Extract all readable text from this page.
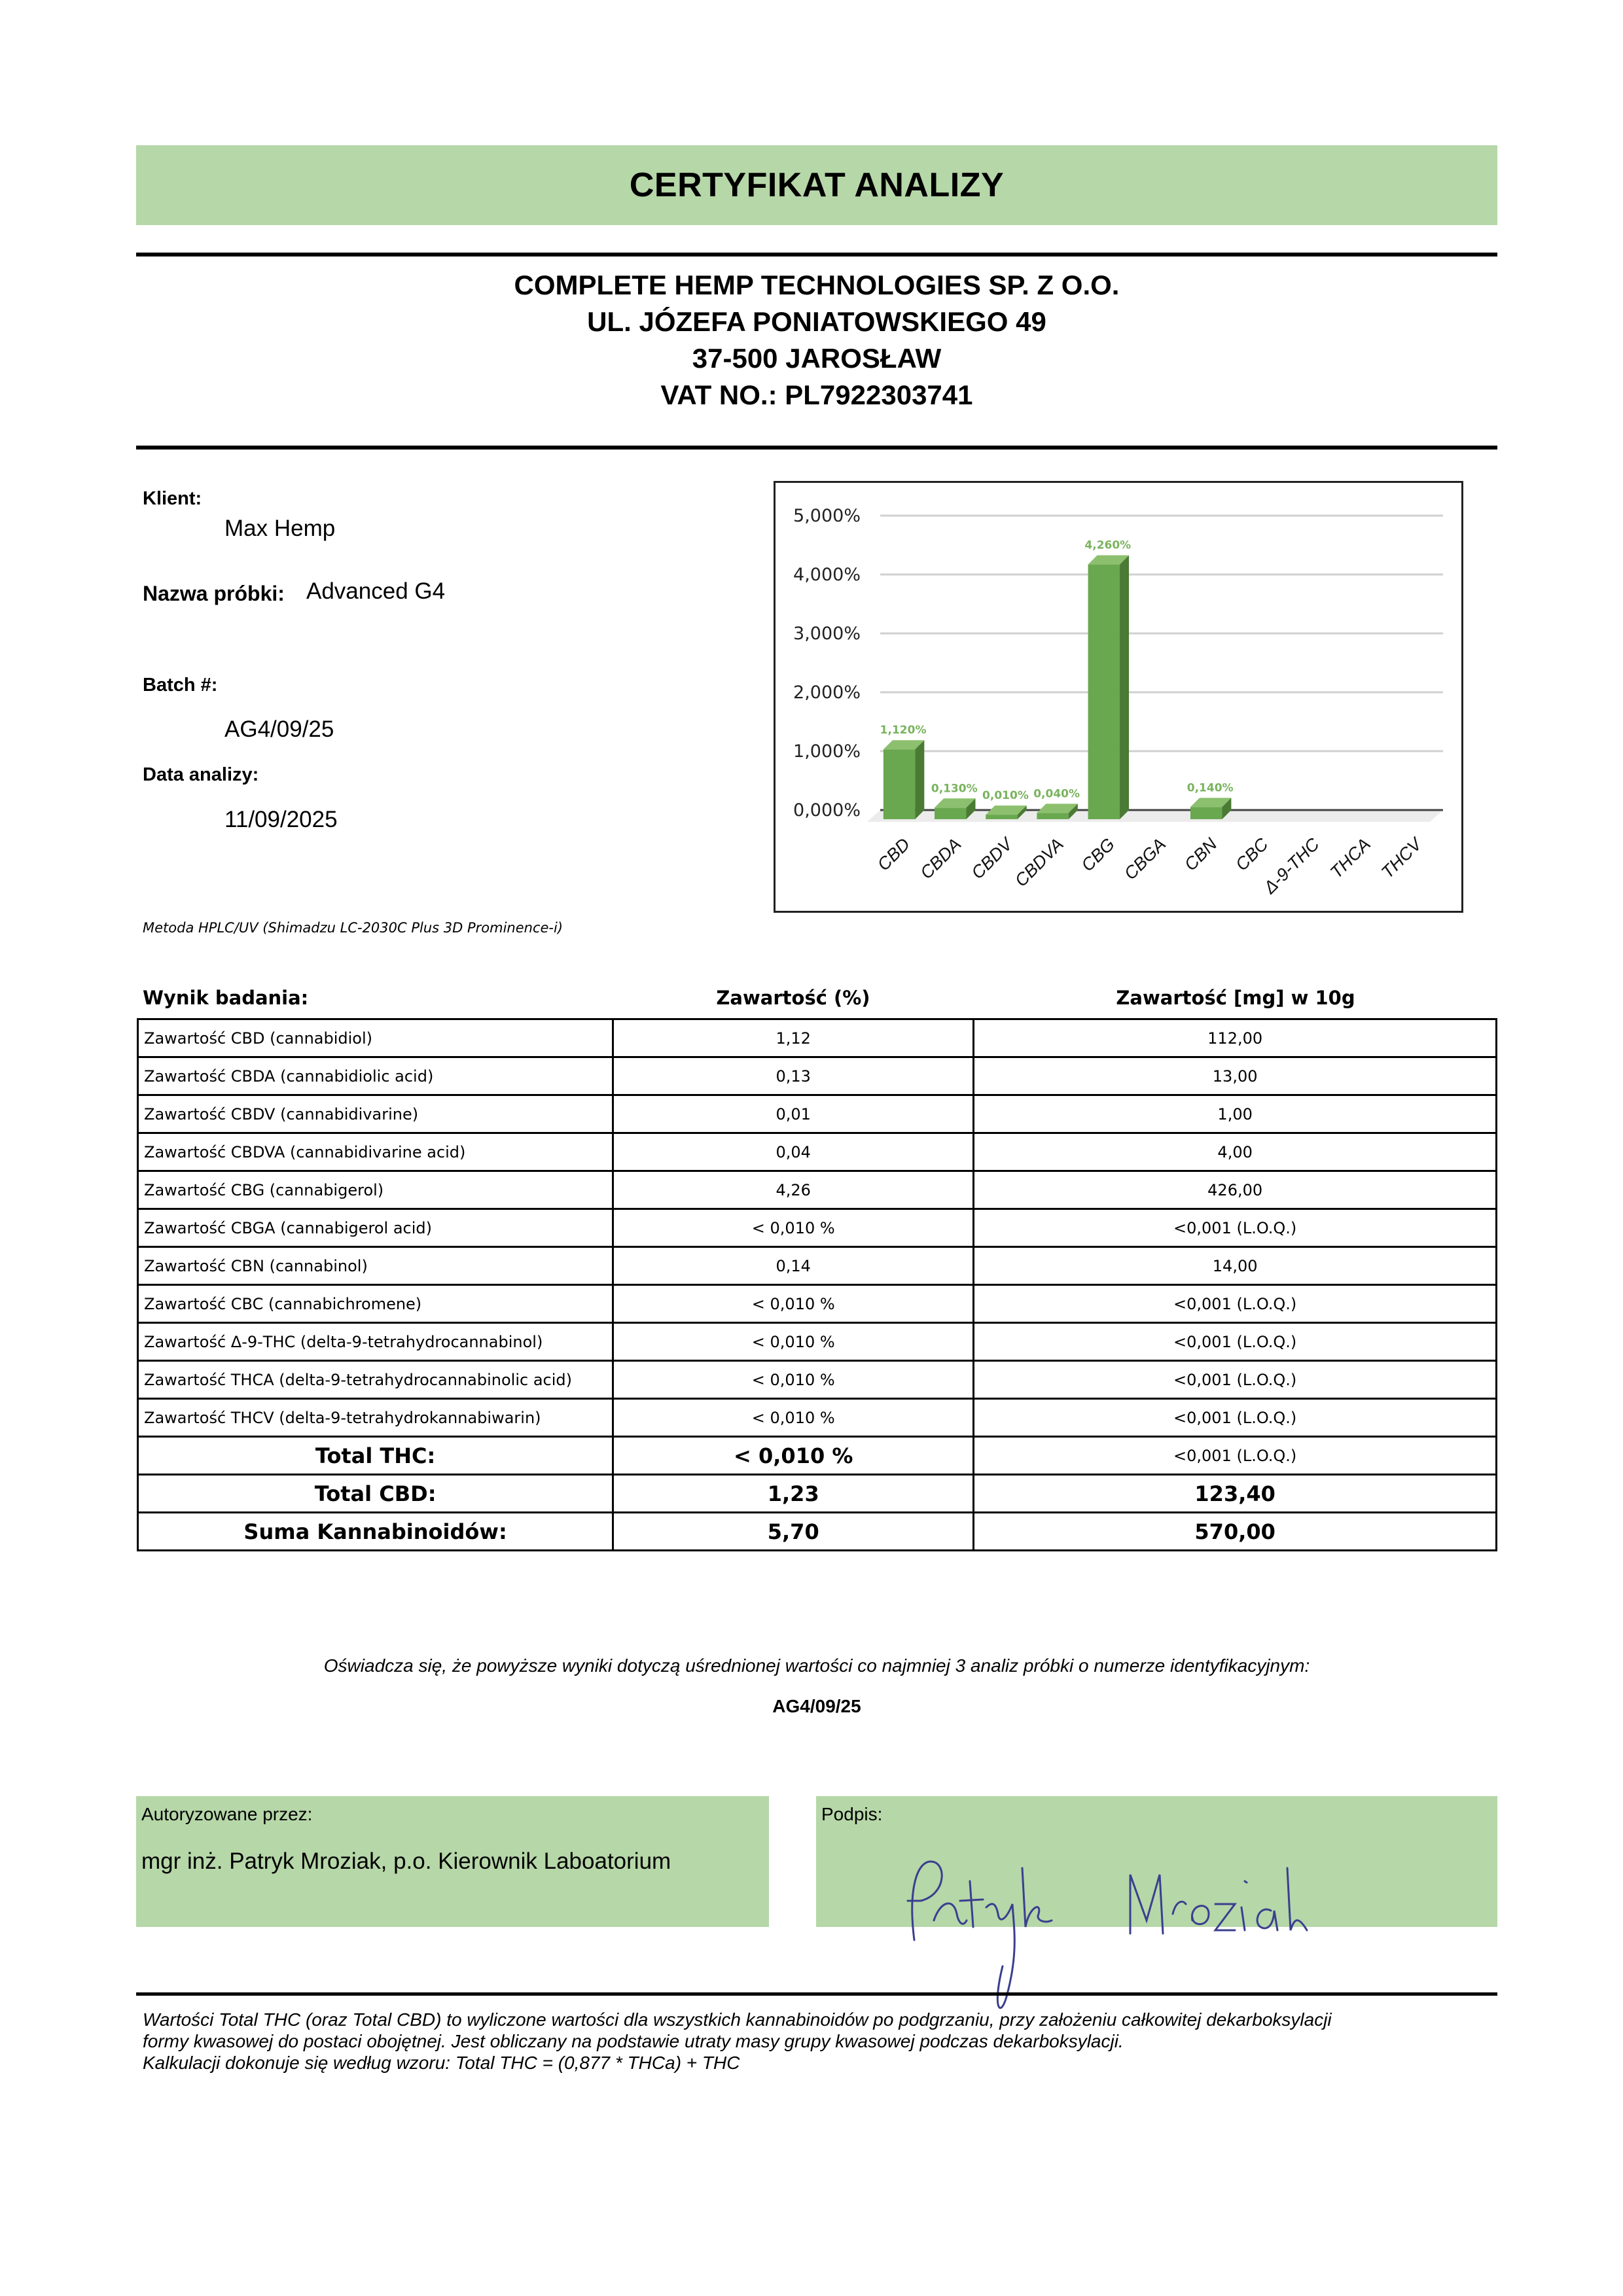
CERTYFIKAT ANALIZY
COMPLETE HEMP TECHNOLOGIES SP. Z O.O.
UL. JÓZEFA PONIATOWSKIEGO 49
37-500 JAROSŁAW
VAT NO.: PL7922303741
Klient:
Max Hemp
Nazwa próbki: Advanced G4
Batch #:
AG4/09/25
Data analizy:
11/09/2025
Metoda HPLC/UV (Shimadzu LC-2030C Plus 3D Prominence-i)
0,000%
1,000%
2,000%
3,000%
4,000%
5,000%
1,120%
CBD
0,130%
CBDA
0,010%
CBDV
0,040%
CBDVA
4,260%
CBG CBGA
0,140%
CBN CBC
Δ-9-THC THCA THCV
Wynik badania:	Zawartość (%)	Zawartość [mg] w 10g
Zawartość CBD (cannabidiol)	1,12	112,00
Zawartość CBDA (cannabidiolic acid)	0,13	13,00
Zawartość CBDV (cannabidivarine)	0,01	1,00
Zawartość CBDVA (cannabidivarine acid)	0,04	4,00
Zawartość CBG (cannabigerol)	4,26	426,00
Zawartość CBGA (cannabigerol acid)	< 0,010 %	<0,001 (L.O.Q.)
Zawartość CBN (cannabinol)	0,14	14,00
Zawartość CBC (cannabichromene)	< 0,010 %	<0,001 (L.O.Q.)
Zawartość Δ-9-THC (delta-9-tetrahydrocannabinol)	< 0,010 %	<0,001 (L.O.Q.)
Zawartość THCA (delta-9-tetrahydrocannabinolic acid)	< 0,010 %	<0,001 (L.O.Q.)
Zawartość THCV (delta-9-tetrahydrokannabiwarin)	< 0,010 %	<0,001 (L.O.Q.)
Total THC:	< 0,010 %	<0,001 (L.O.Q.)
Total CBD:	1,23	123,40
Suma Kannabinoidów:	5,70	570,00
Oświadcza się, że powyższe wyniki dotyczą uśrednionej wartości co najmniej 3 analiz próbki o numerze identyfikacyjnym:
AG4/09/25
Autoryzowane przez:
mgr inż. Patryk Mroziak, p.o. Kierownik Laboatorium
Podpis:
Wartości Total THC (oraz Total CBD) to wyliczone wartości dla wszystkich kannabinoidów po podgrzaniu, przy założeniu całkowitej dekarboksylacji
formy kwasowej do postaci obojętnej. Jest obliczany na podstawie utraty masy grupy kwasowej podczas dekarboksylacji.
Kalkulacji dokonuje się według wzoru: Total THC = (0,877 * THCa) + THC
